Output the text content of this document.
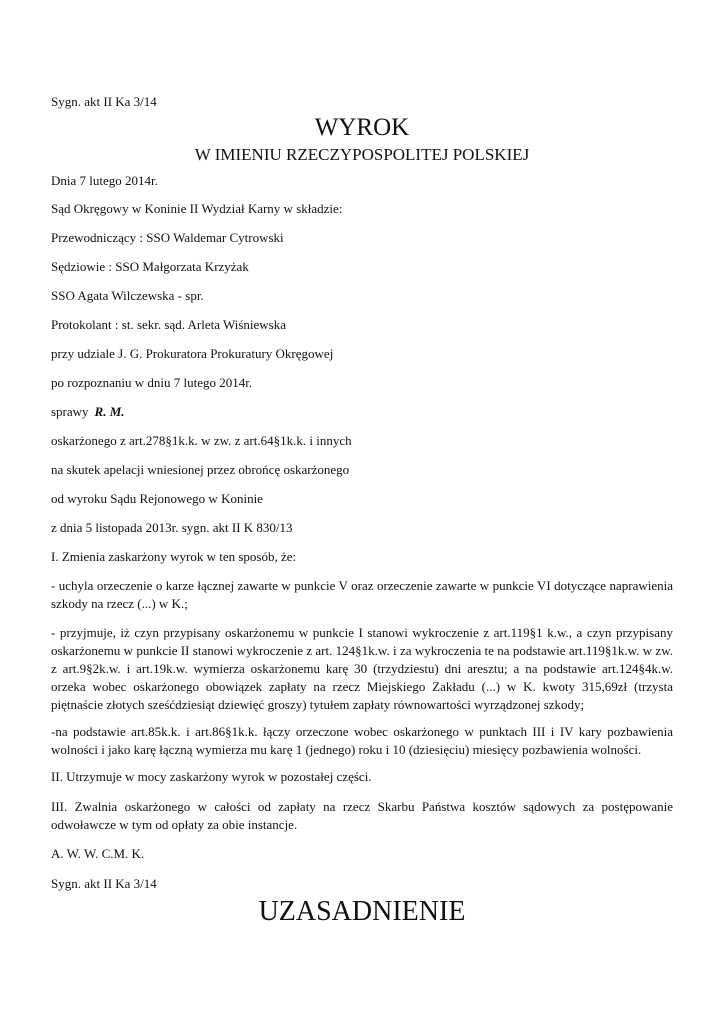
Sygn. akt II Ka 3/14
WYROK
W IMIENIU RZECZYPOSPOLITEJ POLSKIEJ
Dnia 7 lutego 2014r.
Sąd Okręgowy w Koninie II Wydział Karny w składzie:
Przewodniczący : SSO Waldemar Cytrowski
Sędziowie : SSO Małgorzata Krzyżak
SSO Agata Wilczewska - spr.
Protokolant : st. sekr. sąd. Arleta Wiśniewska
przy udziale J. G. Prokuratora Prokuratury Okręgowej
po rozpoznaniu w dniu 7 lutego 2014r.
sprawy R. M.
oskarżonego z art.278§1k.k. w zw. z art.64§1k.k. i innych
na skutek apelacji wniesionej przez obrońcę oskarżonego
od wyroku Sądu Rejonowego w Koninie
z dnia 5 listopada 2013r. sygn. akt II K 830/13
I. Zmienia zaskarżony wyrok w ten sposób, że:
- uchyla orzeczenie o karze łącznej zawarte w punkcie V oraz orzeczenie zawarte w punkcie VI dotyczące naprawienia szkody na rzecz (...) w K.;
- przyjmuje, iż czyn przypisany oskarżonemu w punkcie I stanowi wykroczenie z art.119§1 k.w., a czyn przypisany oskarżonemu w punkcie II stanowi wykroczenie z art. 124§1k.w. i za wykroczenia te na podstawie art.119§1k.w. w zw. z art.9§2k.w. i art.19k.w. wymierza oskarżonemu karę 30 (trzydziestu) dni aresztu; a na podstawie art.124§4k.w. orzeka wobec oskarżonego obowiązek zapłaty na rzecz Miejskiego Zakładu (...) w K. kwoty 315,69zł (trzysta piętnaście złotych sześćdziesiąt dziewięć groszy) tytułem zapłaty równowartości wyrządzonej szkody;
-na podstawie art.85k.k. i art.86§1k.k. łączy orzeczone wobec oskarżonego w punktach III i IV kary pozbawienia wolności i jako karę łączną wymierza mu karę 1 (jednego) roku i 10 (dziesięciu) miesięcy pozbawienia wolności.
II. Utrzymuje w mocy zaskarżony wyrok w pozostałej części.
III. Zwalnia oskarżonego w całości od zapłaty na rzecz Skarbu Państwa kosztów sądowych za postępowanie odwoławcze w tym od opłaty za obie instancje.
A. W. W. C.M. K.
Sygn. akt II Ka 3/14
UZASADNIENIE
